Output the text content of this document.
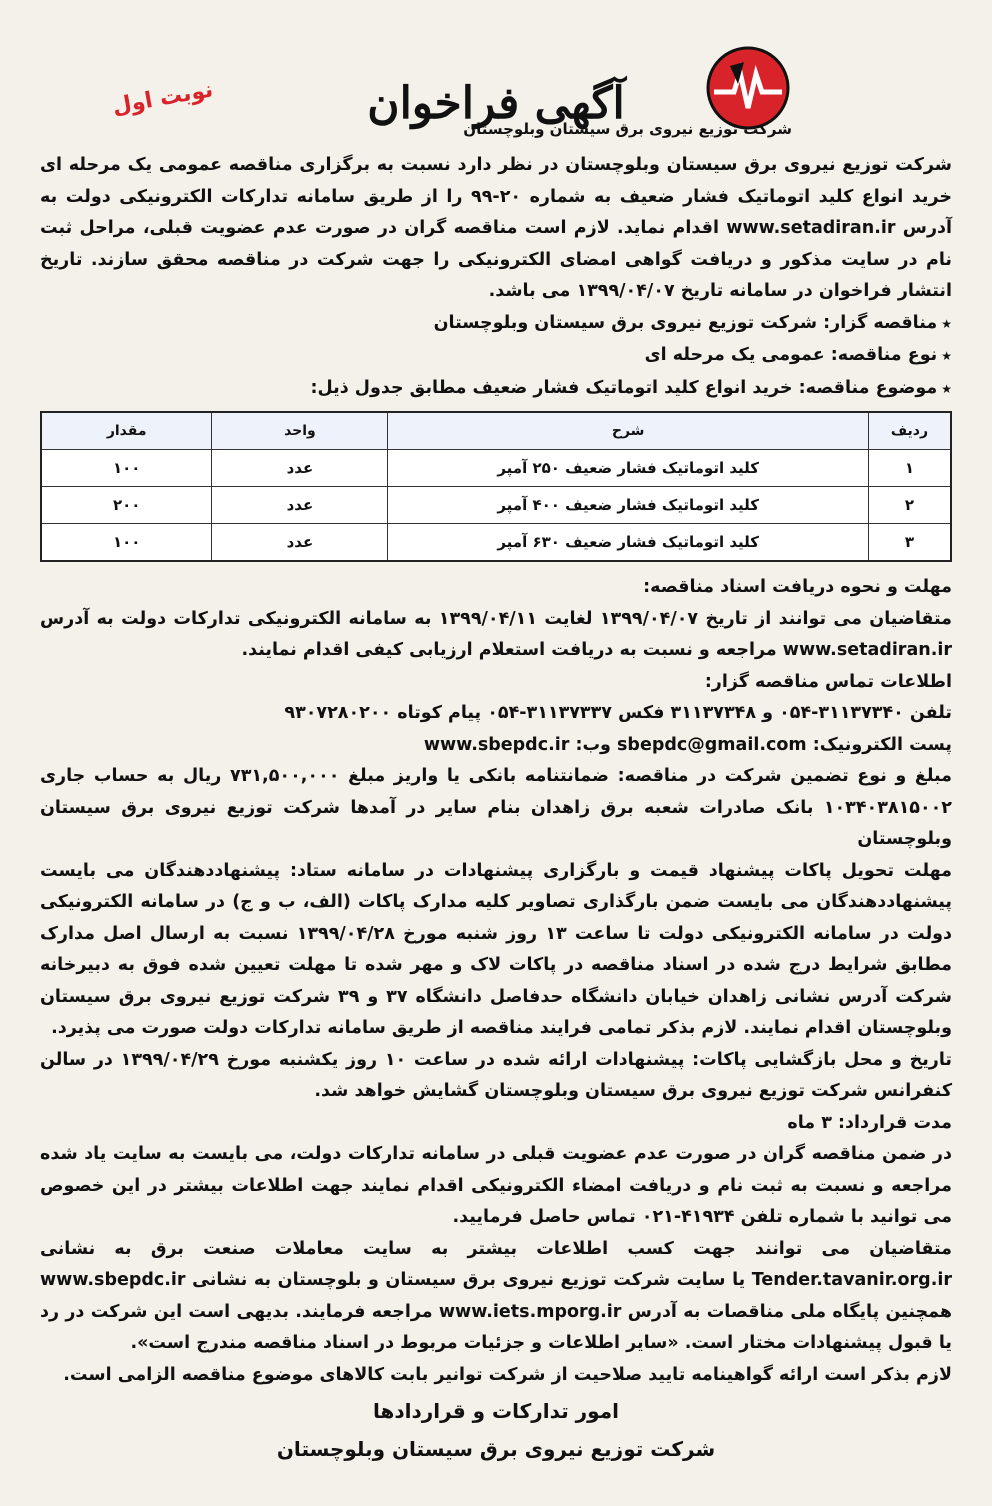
شرکت توزیع نیروی برق سیستان وبلوچستان
آگهی فراخوان
نوبت اول

شرکت توزیع نیروی برق سیستان وبلوچستان در نظر دارد نسبت به برگزاری مناقصه عمومی یک مرحله ای خرید انواع کلید اتوماتیک فشار ضعیف به شماره ۲۰-۹۹ را از طریق سامانه تدارکات الکترونیکی دولت به آدرس www.setadiran.ir اقدام نماید. لازم است مناقصه گران در صورت عدم عضویت قبلی، مراحل ثبت نام در سایت مذکور و دریافت گواهی امضای الکترونیکی را جهت شرکت در مناقصه محقق سازند. تاریخ انتشار فراخوان در سامانه تاریخ ۱۳۹۹/۰۴/۰۷ می باشد.

★ مناقصه گزار: شرکت توزیع نیروی برق سیستان وبلوچستان

★ نوع مناقصه: عمومی یک مرحله ای

★ موضوع مناقصه: خرید انواع کلید اتوماتیک فشار ضعیف مطابق جدول ذیل:

ردیف	شرح	واحد	مقدار
۱	کلید اتوماتیک فشار ضعیف ۲۵۰ آمپر	عدد	۱۰۰
۲	کلید اتوماتیک فشار ضعیف ۴۰۰ آمپر	عدد	۲۰۰
۳	کلید اتوماتیک فشار ضعیف ۶۳۰ آمپر	عدد	۱۰۰

مهلت و نحوه دریافت اسناد مناقصه:

متقاضیان می توانند از تاریخ ۱۳۹۹/۰۴/۰۷ لغایت ۱۳۹۹/۰۴/۱۱ به سامانه الکترونیکی تدارکات دولت به آدرس www.setadiran.ir مراجعه و نسبت به دریافت استعلام ارزیابی کیفی اقدام نمایند.

اطلاعات تماس مناقصه گزار:

تلفن ۳۱۱۳۷۳۴۰-۰۵۴ و ۳۱۱۳۷۳۴۸ فکس ۳۱۱۳۷۳۳۷-۰۵۴ پیام کوتاه ۹۳۰۷۲۸۰۲۰۰

پست الکترونیک: sbepdc@gmail.com وب: www.sbepdc.ir

مبلغ و نوع تضمین شرکت در مناقصه: ضمانتنامه بانکی یا واریز مبلغ ۷۳۱,۵۰۰,۰۰۰ ریال به حساب جاری ۱۰۳۴۰۳۸۱۵۰۰۲ بانک صادرات شعبه برق زاهدان بنام سایر در آمدها شرکت توزیع نیروی برق سیستان وبلوچستان

مهلت تحویل پاکات پیشنهاد قیمت و بارگزاری پیشنهادات در سامانه ستاد: پیشنهاددهندگان می بایست پیشنهاددهندگان می بایست ضمن بارگذاری تصاویر کلیه مدارک پاکات (الف، ب و ج) در سامانه الکترونیکی دولت در سامانه الکترونیکی دولت تا ساعت ۱۳ روز شنبه مورخ ۱۳۹۹/۰۴/۲۸ نسبت به ارسال اصل مدارک مطابق شرایط درج شده در اسناد مناقصه در پاکات لاک و مهر شده تا مهلت تعیین شده فوق به دبیرخانه شرکت آدرس نشانی زاهدان خیابان دانشگاه حدفاصل دانشگاه ۳۷ و ۳۹ شرکت توزیع نیروی برق سیستان وبلوچستان اقدام نمایند. لازم بذکر تمامی فرایند مناقصه از طریق سامانه تدارکات دولت صورت می پذیرد.

تاریخ و محل بازگشایی پاکات: پیشنهادات ارائه شده در ساعت ۱۰ روز یکشنبه مورخ ۱۳۹۹/۰۴/۲۹ در سالن کنفرانس شرکت توزیع نیروی برق سیستان وبلوچستان گشایش خواهد شد.

مدت قرارداد: ۳ ماه

در ضمن مناقصه گران در صورت عدم عضویت قبلی در سامانه تدارکات دولت، می بایست به سایت یاد شده مراجعه و نسبت به ثبت نام و دریافت امضاء الکترونیکی اقدام نمایند جهت اطلاعات بیشتر در این خصوص می توانید با شماره تلفن ۴۱۹۳۴-۰۲۱ تماس حاصل فرمایید.

متقاضیان می توانند جهت کسب اطلاعات بیشتر به سایت معاملات صنعت برق به نشانی Tender.tavanir.org.ir یا سایت شرکت توزیع نیروی برق سیستان و بلوچستان به نشانی www.sbepdc.ir همچنین پایگاه ملی مناقصات به آدرس www.iets.mporg.ir مراجعه فرمایند. بدیهی است این شرکت در رد یا قبول پیشنهادات مختار است. «سایر اطلاعات و جزئیات مربوط در اسناد مناقصه مندرج است».

لازم بذکر است ارائه گواهینامه تایید صلاحیت از شرکت توانیر بابت کالاهای موضوع مناقصه الزامی است.

امور تدارکات و قراردادها

شرکت توزیع نیروی برق سیستان وبلوچستان
